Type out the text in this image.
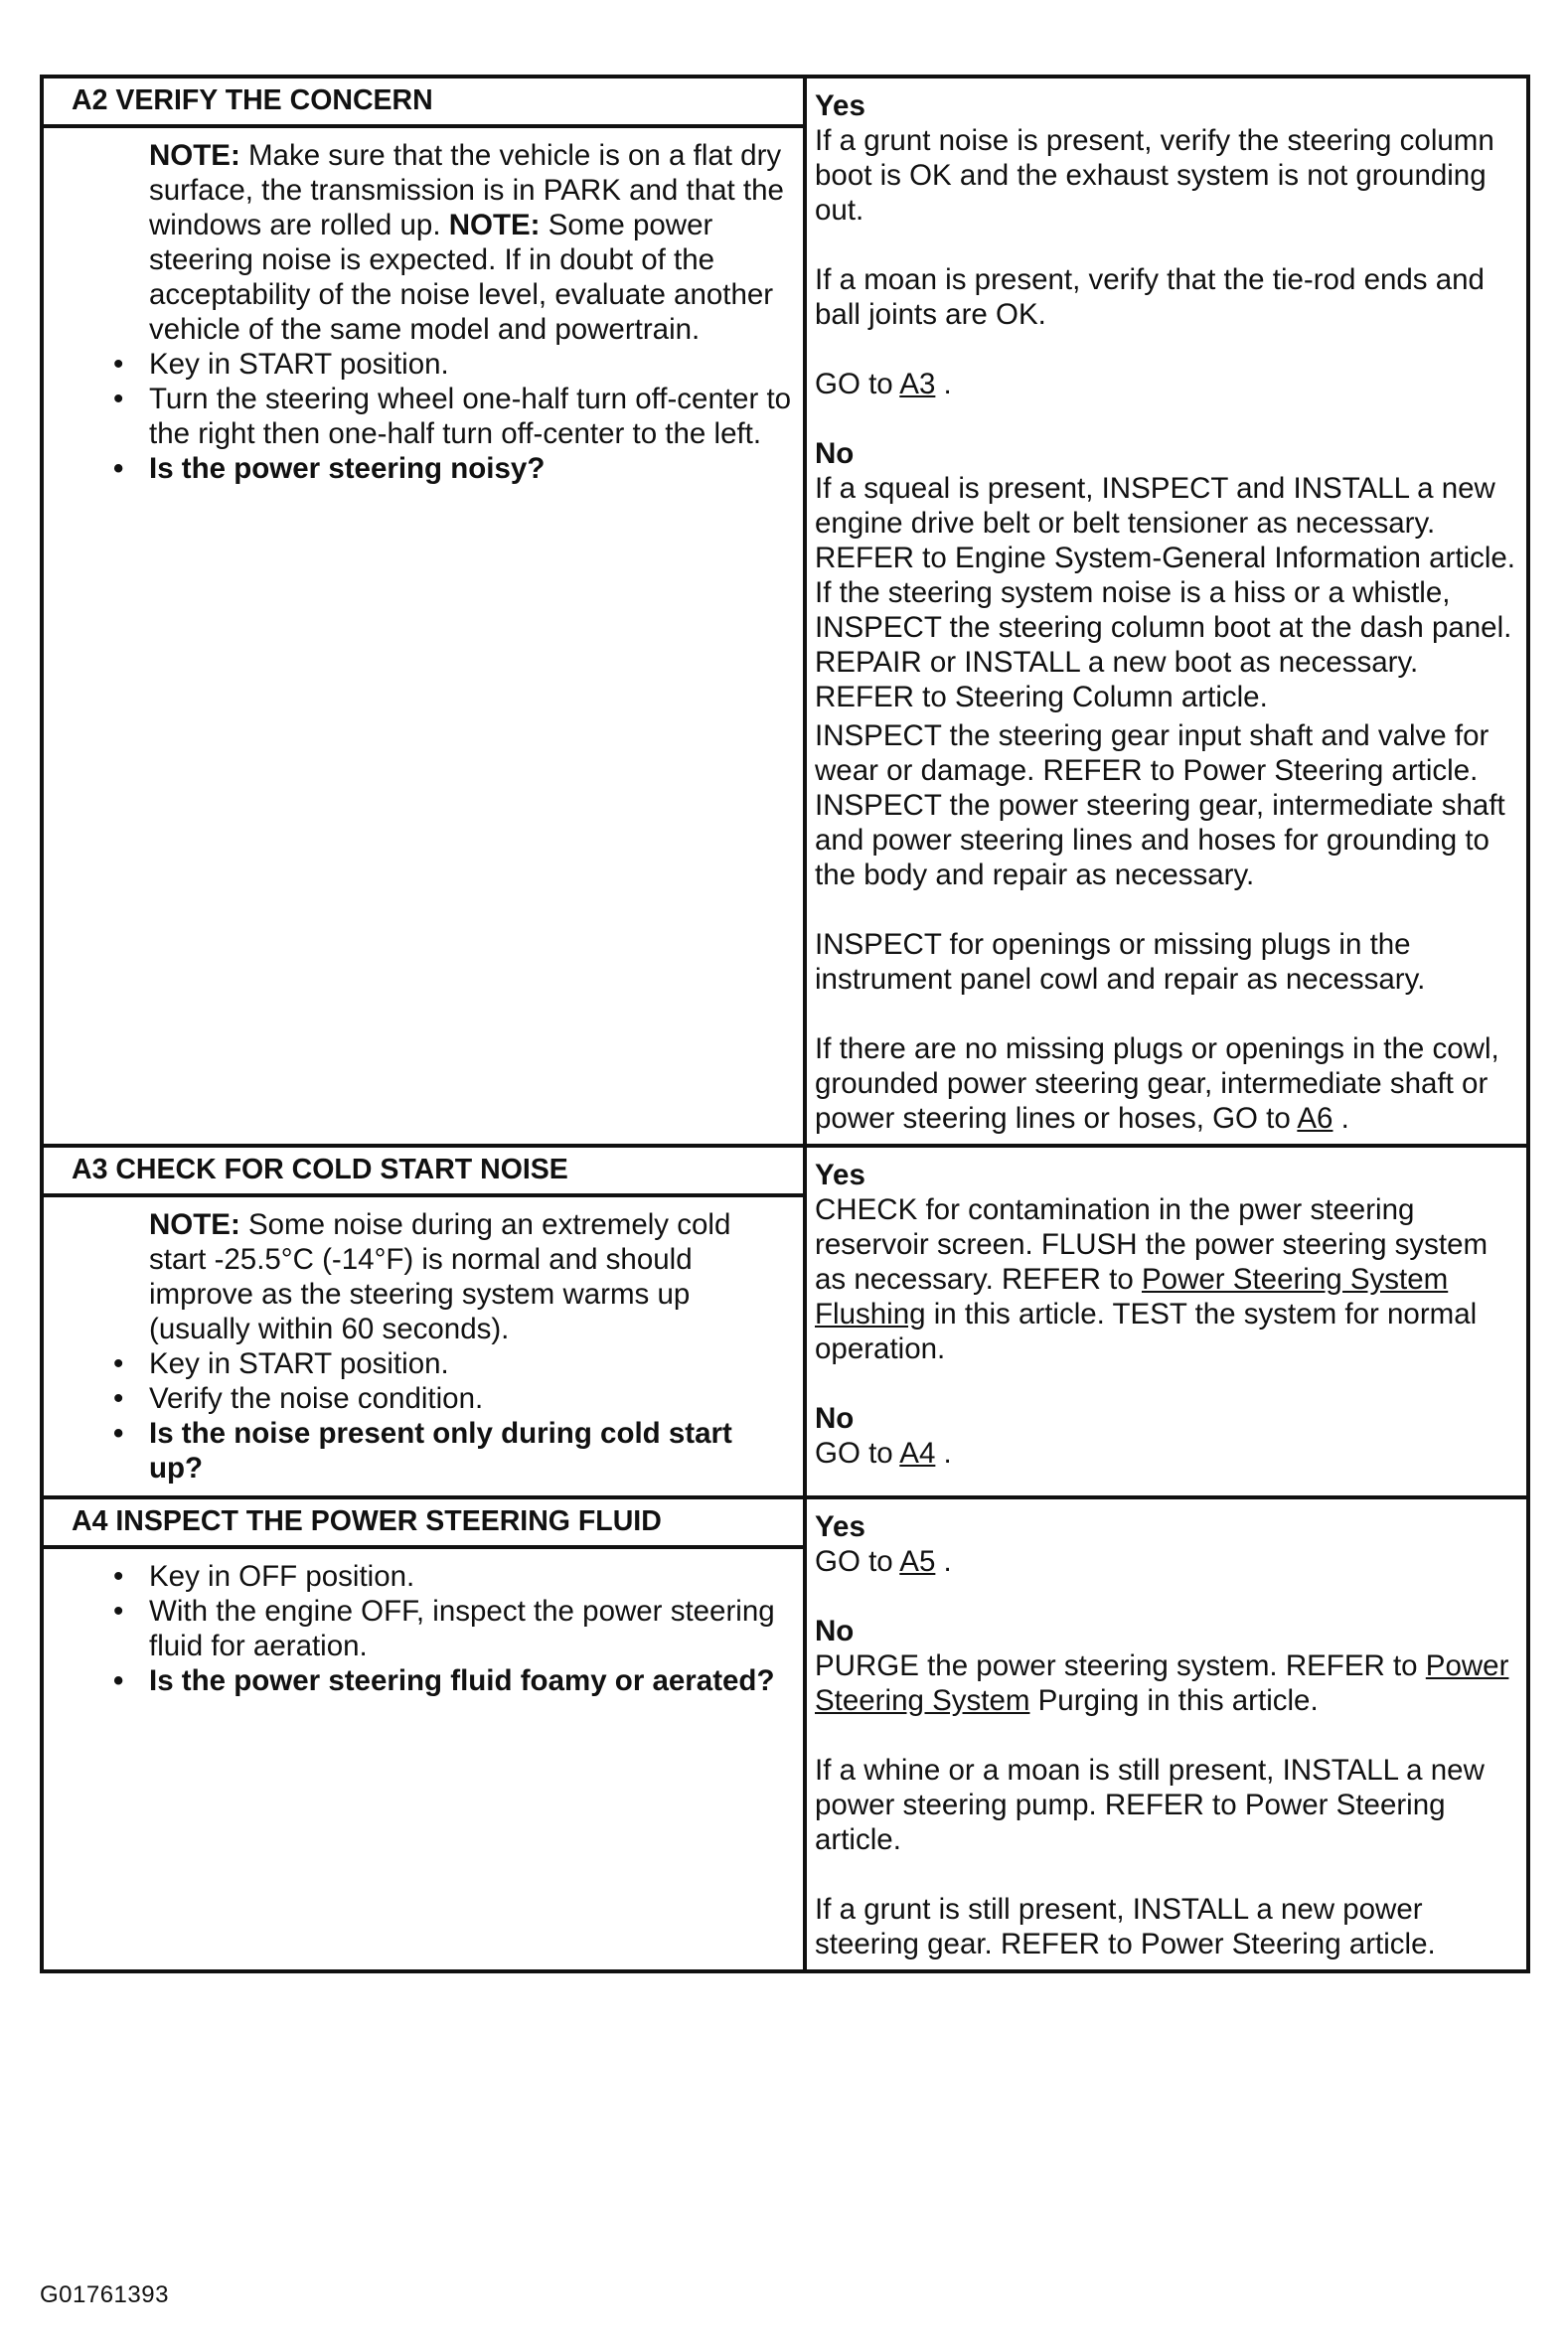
A2 VERIFY THE CONCERN

NOTE: Make sure that the vehicle is on a flat dry surface, the transmission is in PARK and that the windows are rolled up. NOTE: Some power steering noise is expected. If in doubt of the acceptability of the noise level, evaluate another vehicle of the same model and powertrain.

• Key in START position.
• Turn the steering wheel one-half turn off-center to the right then one-half turn off-center to the left.
• Is the power steering noisy?
Yes

If a grunt noise is present, verify the steering column boot is OK and the exhaust system is not grounding out.

If a moan is present, verify that the tie-rod ends and ball joints are OK.

GO to A3 .

No

If a squeal is present, INSPECT and INSTALL a new engine drive belt or belt tensioner as necessary. REFER to Engine System-General Information article. If the steering system noise is a hiss or a whistle, INSPECT the steering column boot at the dash panel. REPAIR or INSTALL a new boot as necessary. REFER to Steering Column article.

INSPECT the steering gear input shaft and valve for wear or damage. REFER to Power Steering article.

INSPECT the power steering gear, intermediate shaft and power steering lines and hoses for grounding to the body and repair as necessary.

INSPECT for openings or missing plugs in the instrument panel cowl and repair as necessary.

If there are no missing plugs or openings in the cowl, grounded power steering gear, intermediate shaft or power steering lines or hoses, GO to A6 .

A3 CHECK FOR COLD START NOISE

NOTE: Some noise during an extremely cold start -25.5°C (-14°F) is normal and should improve as the steering system warms up (usually within 60 seconds).

• Key in START position.
• Verify the noise condition.
• Is the noise present only during cold start up?
Yes

CHECK for contamination in the pwer steering reservoir screen. FLUSH the power steering system as necessary. REFER to Power Steering System Flushing in this article. TEST the system for normal operation.

No

GO to A4 .

A4 INSPECT THE POWER STEERING FLUID
• Key in OFF position.
• With the engine OFF, inspect the power steering fluid for aeration.
• Is the power steering fluid foamy or aerated?
Yes

GO to A5 .

No

PURGE the power steering system. REFER to Power Steering System Purging in this article.

If a whine or a moan is still present, INSTALL a new power steering pump. REFER to Power Steering article.

If a grunt is still present, INSTALL a new power steering gear. REFER to Power Steering article.

G01761393
